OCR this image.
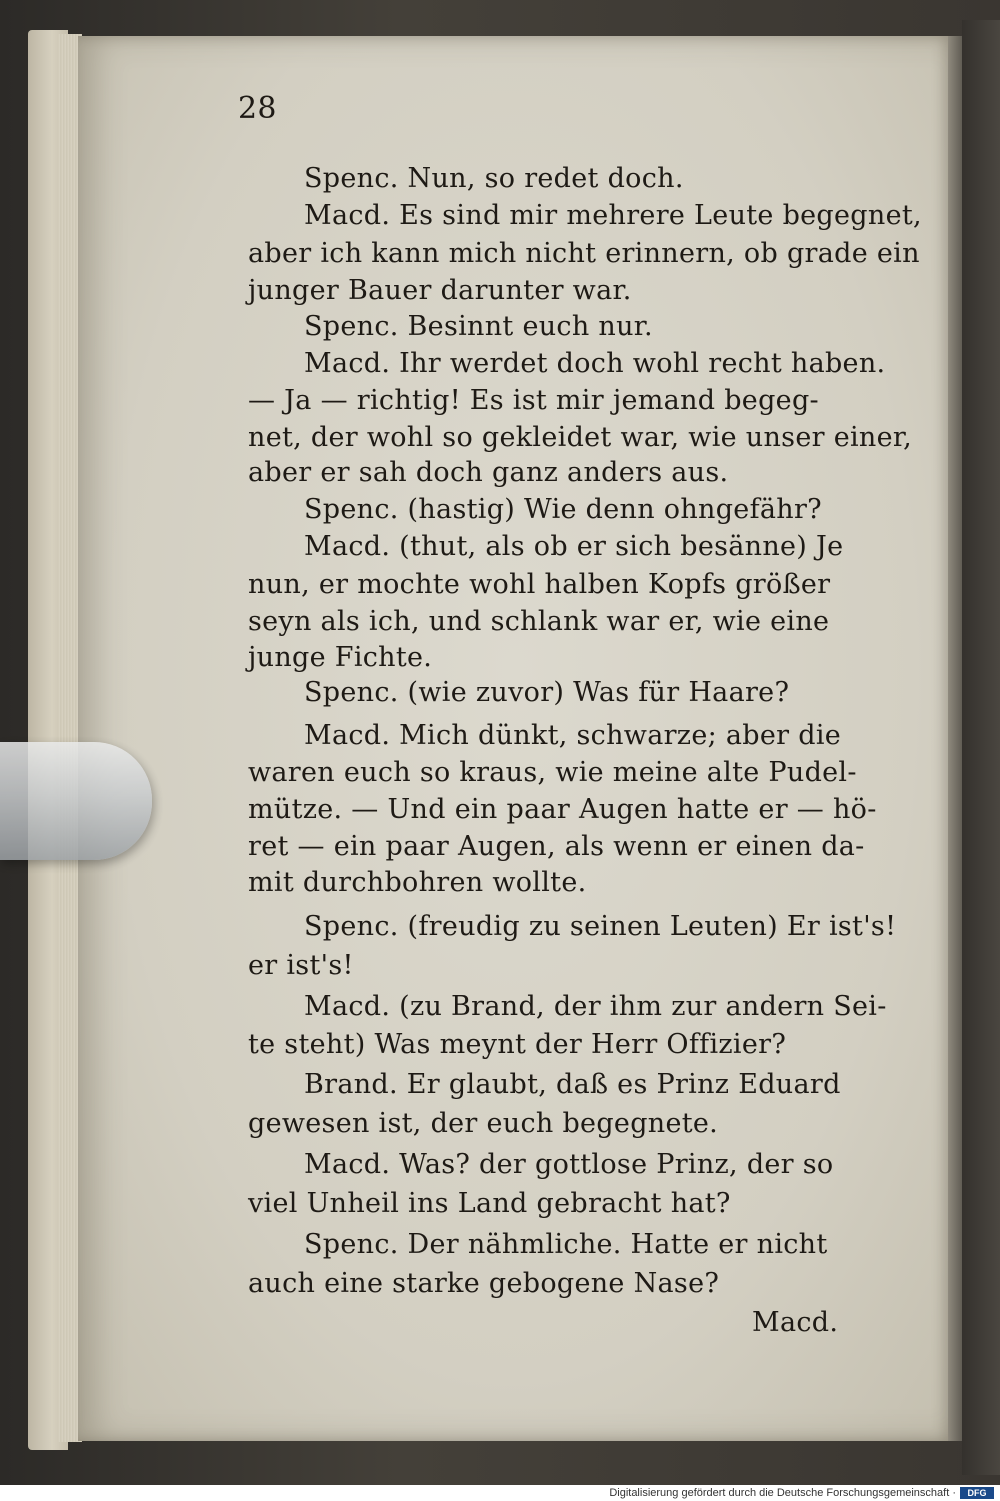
28
Spenc. Nun, so redet doch.
Macd. Es sind mir mehrere Leute begegnet,
aber ich kann mich nicht erinnern, ob grade ein
junger Bauer darunter war.
Spenc. Besinnt euch nur.
Macd. Ihr werdet doch wohl recht haben.
— Ja — richtig! Es ist mir jemand begeg-
net, der wohl so gekleidet war, wie unser einer,
aber er sah doch ganz anders aus.
Spenc. (hastig) Wie denn ohngefähr?
Macd. (thut, als ob er sich besänne) Je
nun, er mochte wohl halben Kopfs größer
seyn als ich, und schlank war er, wie eine
junge Fichte.
Spenc. (wie zuvor) Was für Haare?
Macd. Mich dünkt, schwarze; aber die
waren euch so kraus, wie meine alte Pudel-
mütze. — Und ein paar Augen hatte er — hö-
ret — ein paar Augen, als wenn er einen da-
mit durchbohren wollte.
Spenc. (freudig zu seinen Leuten) Er ist's!
er ist's!
Macd. (zu Brand, der ihm zur andern Sei-
te steht) Was meynt der Herr Offizier?
Brand. Er glaubt, daß es Prinz Eduard
gewesen ist, der euch begegnete.
Macd. Was? der gottlose Prinz, der so
viel Unheil ins Land gebracht hat?
Spenc. Der nähmliche. Hatte er nicht
auch eine starke gebogene Nase?
Macd.
Digitalisierung gefördert durch die Deutsche Forschungsgemeinschaft ·	DFG
